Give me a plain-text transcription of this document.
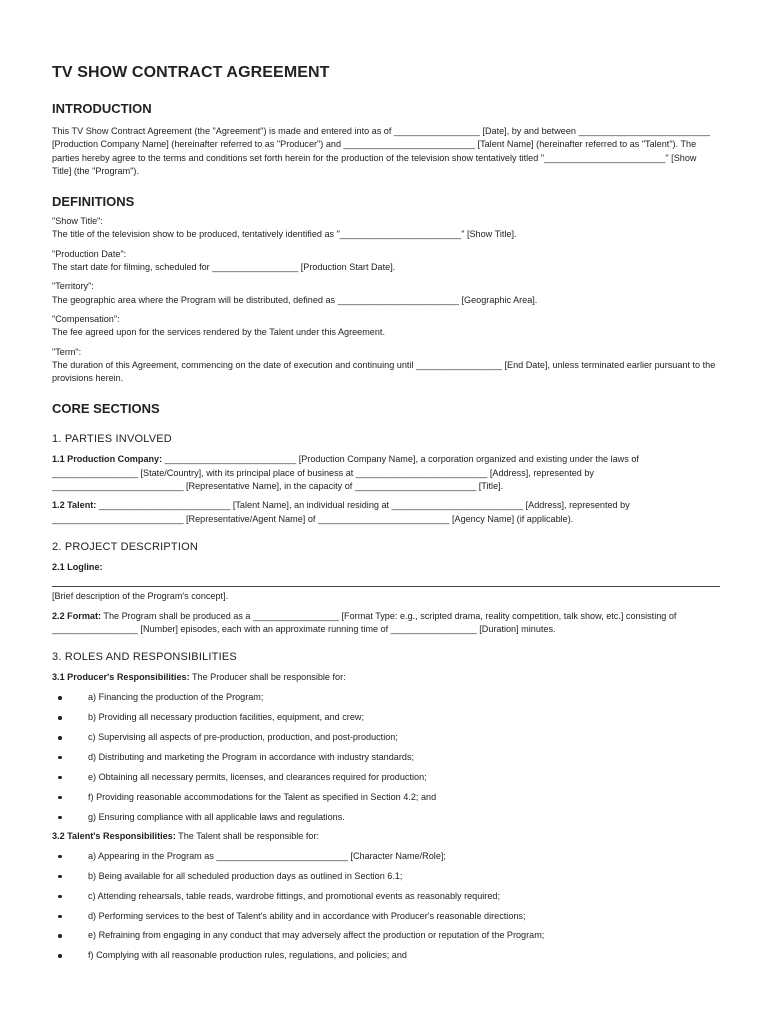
TV SHOW CONTRACT AGREEMENT
INTRODUCTION

This TV Show Contract Agreement (the "Agreement") is made and entered into as of _________________ [Date], by and between __________________________ [Production Company Name] (hereinafter referred to as "Producer") and __________________________ [Talent Name] (hereinafter referred to as "Talent"). The parties hereby agree to the terms and conditions set forth herein for the production of the television show tentatively titled "________________________" [Show Title] (the "Program").

DEFINITIONS
"Show Title":
The title of the television show to be produced, tentatively identified as "________________________" [Show Title].
"Production Date":
The start date for filming, scheduled for _________________ [Production Start Date].
"Territory":
The geographic area where the Program will be distributed, defined as ________________________ [Geographic Area].
"Compensation":
The fee agreed upon for the services rendered by the Talent under this Agreement.
"Term":
The duration of this Agreement, commencing on the date of execution and continuing until _________________ [End Date], unless terminated earlier pursuant to the provisions herein.
CORE SECTIONS
1. PARTIES INVOLVED

1.1 Production Company: __________________________ [Production Company Name], a corporation organized and existing under the laws of _________________ [State/Country], with its principal place of business at __________________________ [Address], represented by __________________________ [Representative Name], in the capacity of ________________________ [Title].

1.2 Talent: __________________________ [Talent Name], an individual residing at __________________________ [Address], represented by __________________________ [Representative/Agent Name] of __________________________ [Agency Name] (if applicable).

2. PROJECT DESCRIPTION

2.1 Logline:

[Brief description of the Program's concept].

2.2 Format: The Program shall be produced as a _________________ [Format Type: e.g., scripted drama, reality competition, talk show, etc.] consisting of _________________ [Number] episodes, each with an approximate running time of _________________ [Duration] minutes.

3. ROLES AND RESPONSIBILITIES

3.1 Producer's Responsibilities: The Producer shall be responsible for:

a) Financing the production of the Program;
b) Providing all necessary production facilities, equipment, and crew;
c) Supervising all aspects of pre-production, production, and post-production;
d) Distributing and marketing the Program in accordance with industry standards;
e) Obtaining all necessary permits, licenses, and clearances required for production;
f) Providing reasonable accommodations for the Talent as specified in Section 4.2; and
g) Ensuring compliance with all applicable laws and regulations.

3.2 Talent's Responsibilities: The Talent shall be responsible for:

a) Appearing in the Program as __________________________ [Character Name/Role];
b) Being available for all scheduled production days as outlined in Section 6.1;
c) Attending rehearsals, table reads, wardrobe fittings, and promotional events as reasonably required;
d) Performing services to the best of Talent's ability and in accordance with Producer's reasonable directions;
e) Refraining from engaging in any conduct that may adversely affect the production or reputation of the Program;
f) Complying with all reasonable production rules, regulations, and policies; and
